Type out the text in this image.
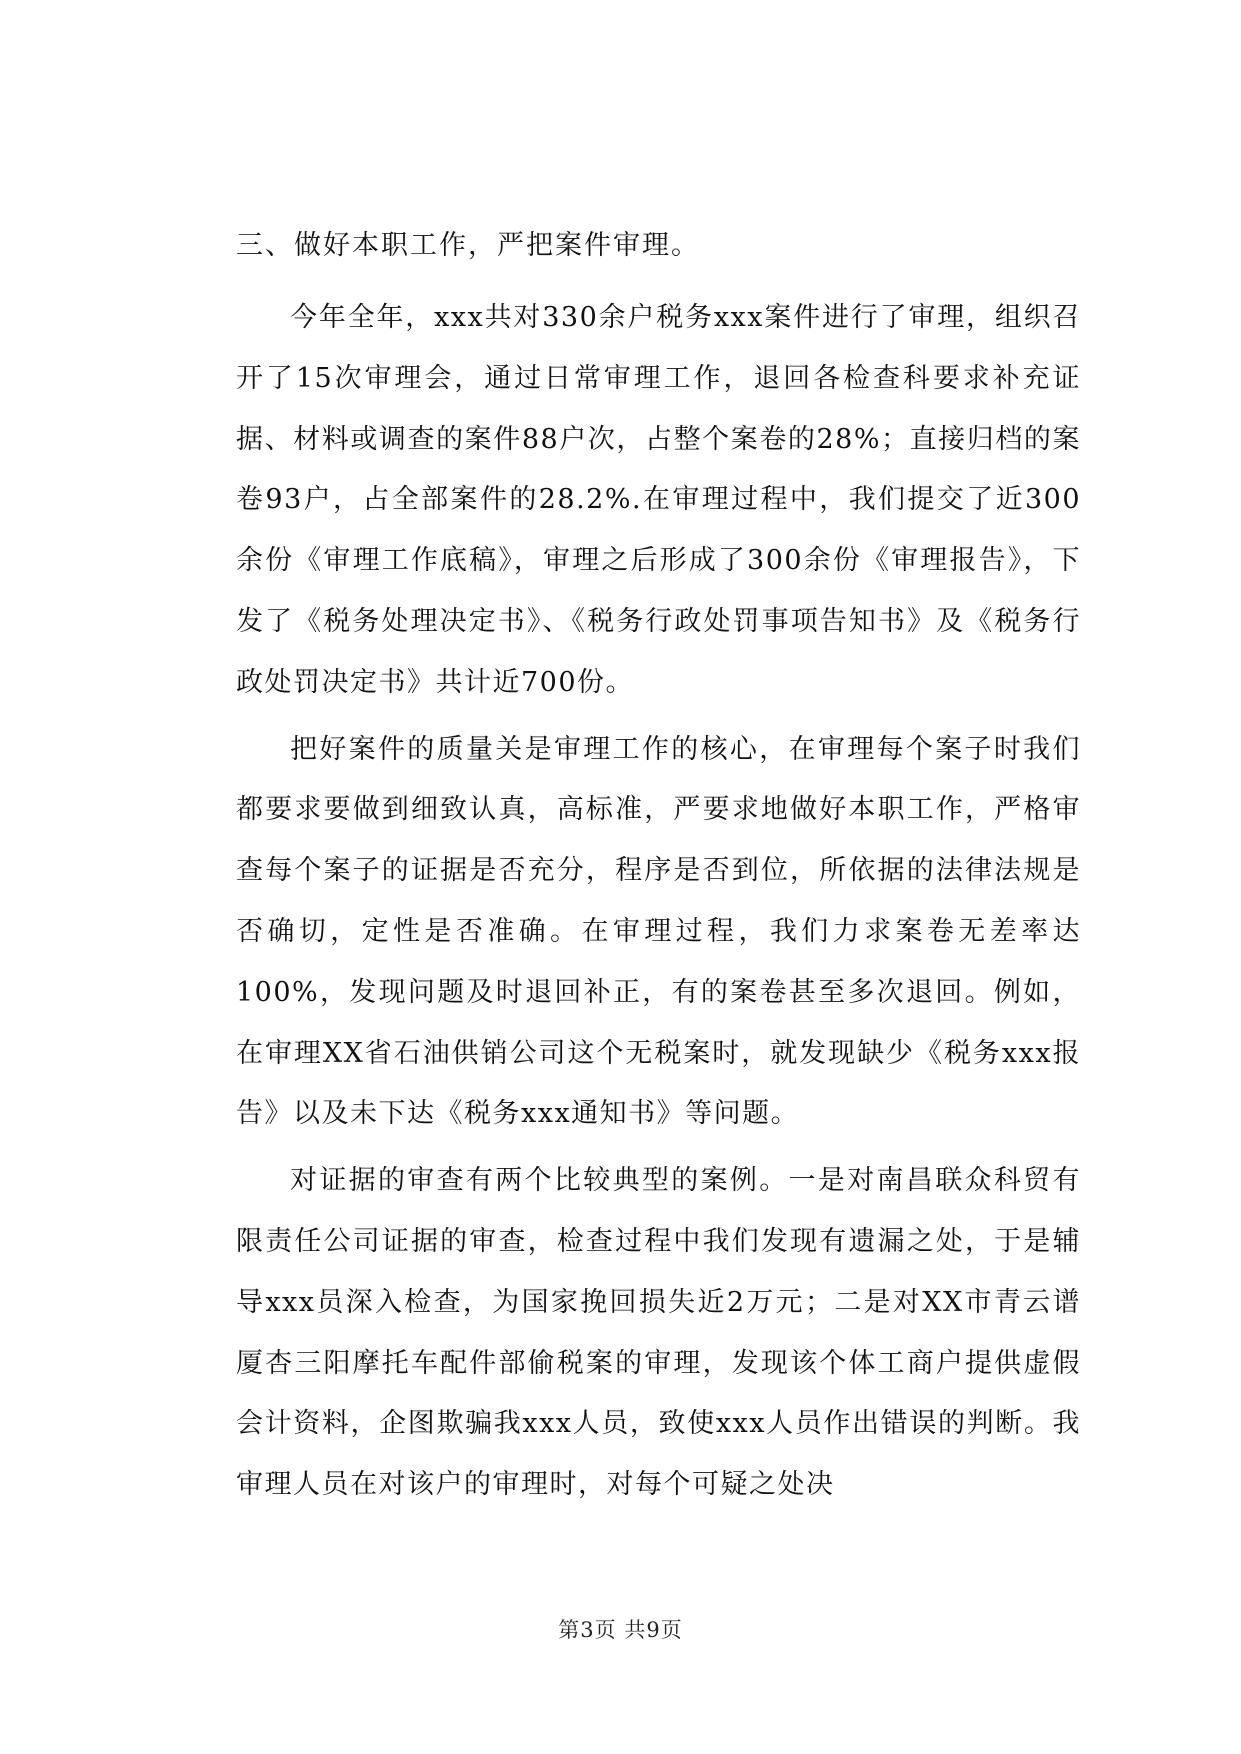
三、做好本职工作，严把案件审理。

今年全年，xxx共对330余户税务xxx案件进行了审理，组织召开了15次审理会，通过日常审理工作，退回各检查科要求补充证据、材料或调查的案件88户次，占整个案卷的28%；直接归档的案卷93户，占全部案件的28.2%.在审理过程中，我们提交了近300余份《审理工作底稿》，审理之后形成了300余份《审理报告》，下发了《税务处理决定书》、《税务行政处罚事项告知书》及《税务行政处罚决定书》共计近700份。

把好案件的质量关是审理工作的核心，在审理每个案子时我们都要求要做到细致认真，高标准，严要求地做好本职工作，严格审查每个案子的证据是否充分，程序是否到位，所依据的法律法规是否确切，定性是否准确。在审理过程，我们力求案卷无差率达100%，发现问题及时退回补正，有的案卷甚至多次退回。例如，在审理XX省石油供销公司这个无税案时，就发现缺少《税务xxx报告》以及未下达《税务xxx通知书》等问题。

对证据的审查有两个比较典型的案例。一是对南昌联众科贸有限责任公司证据的审查，检查过程中我们发现有遗漏之处，于是辅导xxx员深入检查，为国家挽回损失近2万元；二是对XX市青云谱厦杏三阳摩托车配件部偷税案的审理，发现该个体工商户提供虚假会计资料，企图欺骗我xxx人员，致使xxx人员作出错误的判断。我审理人员在对该户的审理时，对每个可疑之处决

第3页 共9页
